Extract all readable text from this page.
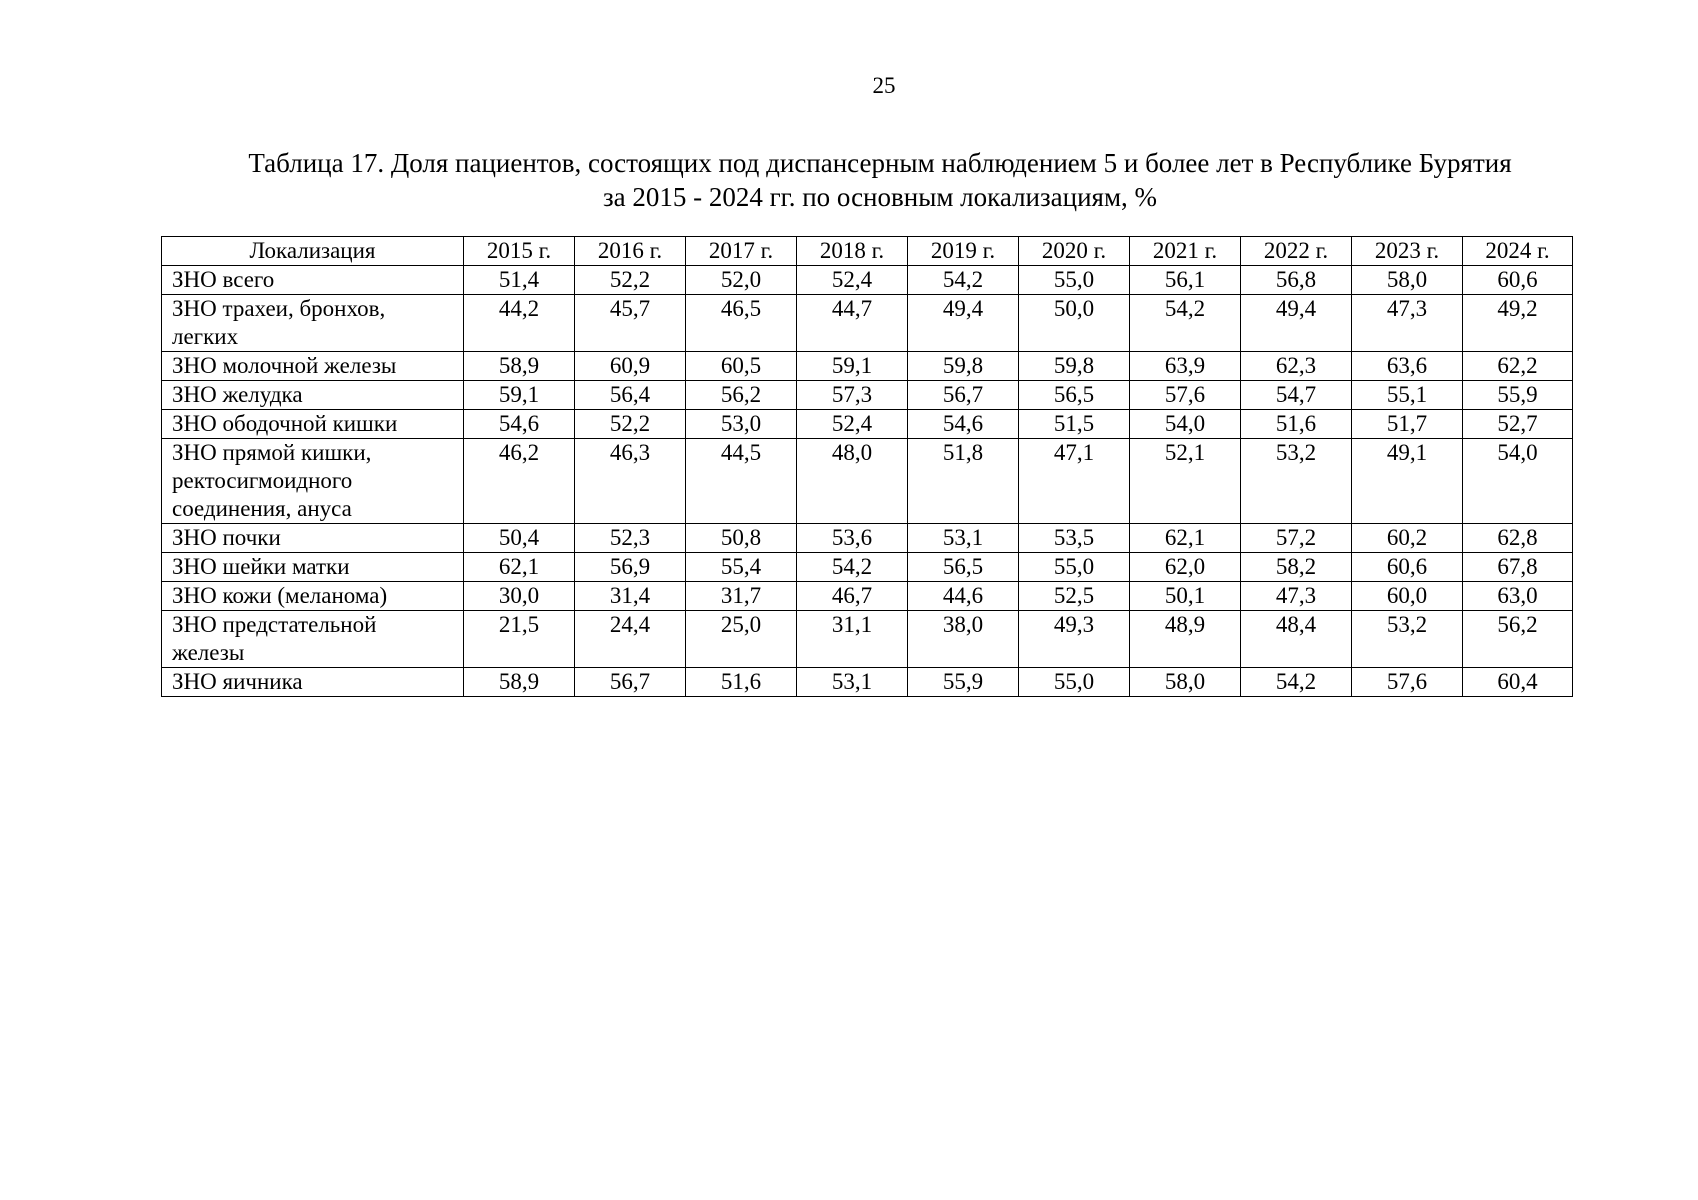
25
Таблица 17. Доля пациентов, состоящих под диспансерным наблюдением 5 и более лет в Республике Бурятия
за 2015 - 2024 гг. по основным локализациям, %
Локализация	2015 г.	2016 г.	2017 г.	2018 г.	2019 г.	2020 г.	2021 г.	2022 г.	2023 г.	2024 г.

ЗНО всего	51,4	52,2	52,0	52,4	54,2	55,0	56,1	56,8	58,0	60,6

ЗНО трахеи, бронхов,
легких	44,2	45,7	46,5	44,7	49,4	50,0	54,2	49,4	47,3	49,2

ЗНО молочной железы	58,9	60,9	60,5	59,1	59,8	59,8	63,9	62,3	63,6	62,2

ЗНО желудка	59,1	56,4	56,2	57,3	56,7	56,5	57,6	54,7	55,1	55,9

ЗНО ободочной кишки	54,6	52,2	53,0	52,4	54,6	51,5	54,0	51,6	51,7	52,7

ЗНО прямой кишки,
ректосигмоидного
соединения, ануса	46,2	46,3	44,5	48,0	51,8	47,1	52,1	53,2	49,1	54,0

ЗНО почки	50,4	52,3	50,8	53,6	53,1	53,5	62,1	57,2	60,2	62,8

ЗНО шейки матки	62,1	56,9	55,4	54,2	56,5	55,0	62,0	58,2	60,6	67,8

ЗНО кожи (меланома)	30,0	31,4	31,7	46,7	44,6	52,5	50,1	47,3	60,0	63,0

ЗНО предстательной
железы	21,5	24,4	25,0	31,1	38,0	49,3	48,9	48,4	53,2	56,2

ЗНО яичника	58,9	56,7	51,6	53,1	55,9	55,0	58,0	54,2	57,6	60,4
